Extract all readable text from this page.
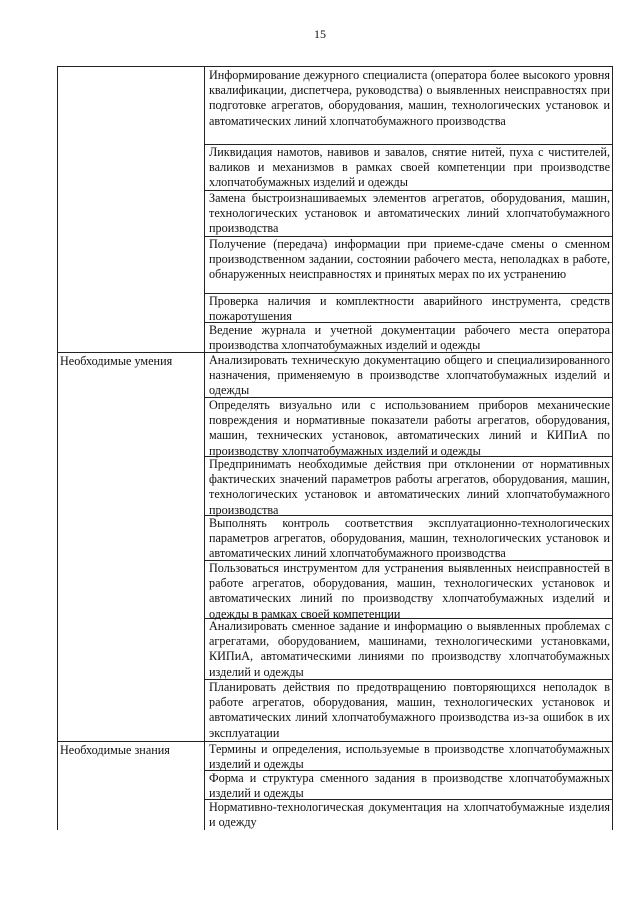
15
Необходимые умения
Необходимые знания

Информирование дежурного специалиста (оператора более высокого уровня квалификации, диспетчера, руководства) о выявленных неисправностях при подготовке агрегатов, оборудования, машин, технологических установок и автоматических линий хлопчатобумажного производства

Ликвидация намотов, навивов и завалов, снятие нитей, пуха с чистителей, валиков и механизмов в рамках своей компетенции при производстве хлопчатобумажных изделий и одежды

Замена быстроизнашиваемых элементов агрегатов, оборудования, машин, технологических установок и автоматических линий хлопчатобумажного производства

Получение (передача) информации при приеме-сдаче смены о сменном производственном задании, состоянии рабочего места, неполадках в работе, обнаруженных неисправностях и принятых мерах по их устранению

Проверка наличия и комплектности аварийного инструмента, средств пожаротушения

Ведение журнала и учетной документации рабочего места оператора производства хлопчатобумажных изделий и одежды

Анализировать техническую документацию общего и специализированного назначения, применяемую в производстве хлопчатобумажных изделий и одежды

Определять визуально или с использованием приборов механические повреждения и нормативные показатели работы агрегатов, оборудования, машин, технических установок, автоматических линий и КИПиА по производству хлопчатобумажных изделий и одежды

Предпринимать необходимые действия при отклонении от нормативных фактических значений параметров работы агрегатов, оборудования, машин, технологических установок и автоматических линий хлопчатобумажного производства

Выполнять контроль соответствия эксплуатационно-технологических параметров агрегатов, оборудования, машин, технологических установок и автоматических линий хлопчатобумажного производства

Пользоваться инструментом для устранения выявленных неисправностей в работе агрегатов, оборудования, машин, технологических установок и автоматических линий по производству хлопчатобумажных изделий и одежды в рамках своей компетенции

Анализировать сменное задание и информацию о выявленных проблемах с агрегатами, оборудованием, машинами, технологическими установками, КИПиА, автоматическими линиями по производству хлопчатобумажных изделий и одежды

Планировать действия по предотвращению повторяющихся неполадок в работе агрегатов, оборудования, машин, технологических установок и автоматических линий хлопчатобумажного производства из-за ошибок в их эксплуатации

Термины и определения, используемые в производстве хлопчатобумажных изделий и одежды

Форма и структура сменного задания в производстве хлопчатобумажных изделий и одежды

Нормативно-технологическая документация на хлопчатобумажные изделия и одежду
